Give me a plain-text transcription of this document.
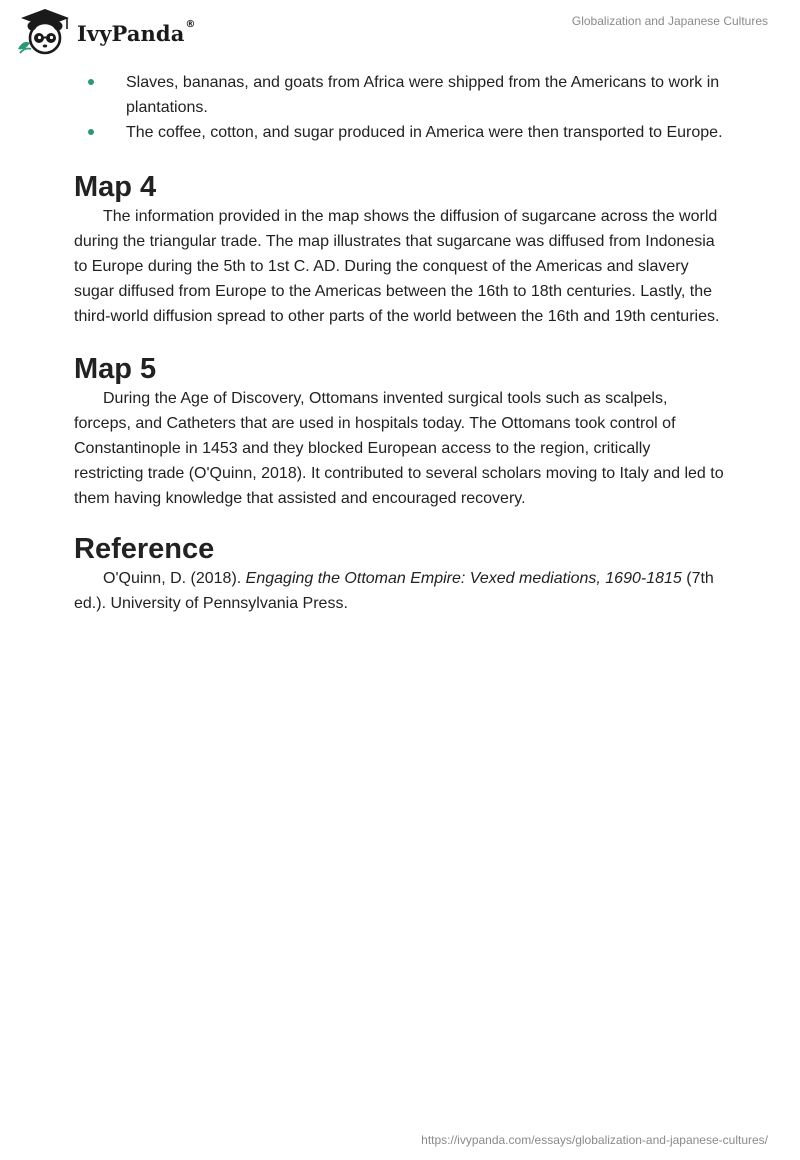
IvyPanda®	Globalization and Japanese Cultures
Slaves, bananas, and goats from Africa were shipped from the Americans to work in plantations.
The coffee, cotton, and sugar produced in America were then transported to Europe.
Map 4

The information provided in the map shows the diffusion of sugarcane across the world during the triangular trade. The map illustrates that sugarcane was diffused from Indonesia to Europe during the 5th to 1st C. AD. During the conquest of the Americas and slavery sugar diffused from Europe to the Americas between the 16th to 18th centuries. Lastly, the third-world diffusion spread to other parts of the world between the 16th and 19th centuries.

Map 5

During the Age of Discovery, Ottomans invented surgical tools such as scalpels, forceps, and Catheters that are used in hospitals today. The Ottomans took control of Constantinople in 1453 and they blocked European access to the region, critically restricting trade (O'Quinn, 2018). It contributed to several scholars moving to Italy and led to them having knowledge that assisted and encouraged recovery.

Reference

O'Quinn, D. (2018). Engaging the Ottoman Empire: Vexed mediations, 1690-1815 (7th ed.). University of Pennsylvania Press.

https://ivypanda.com/essays/globalization-and-japanese-cultures/
